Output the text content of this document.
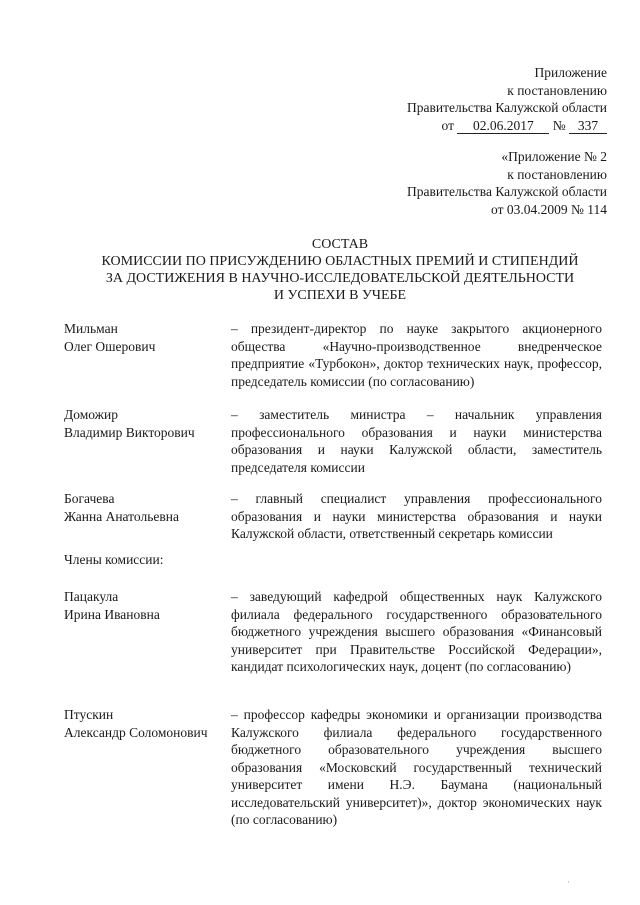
Приложение
к постановлению
Правительства Калужской области
от 02.06.2017 № 337
«Приложение № 2
к постановлению
Правительства Калужской области
от 03.04.2009 № 114
СОСТАВ
КОМИССИИ ПО ПРИСУЖДЕНИЮ ОБЛАСТНЫХ ПРЕМИЙ И СТИПЕНДИЙ
ЗА ДОСТИЖЕНИЯ В НАУЧНО-ИССЛЕДОВАТЕЛЬСКОЙ ДЕЯТЕЛЬНОСТИ
И УСПЕХИ В УЧЕБЕ
Мильман
Олег Ошерович
– президент-директор по науке закрытого акционерного общества «Научно-производственное внедренческое предприятие «Турбокон», доктор технических наук, профессор, председатель комиссии (по согласованию)
Доможир
Владимир Викторович
– заместитель министра – начальник управления профессионального образования и науки министерства образования и науки Калужской области, заместитель председателя комиссии
Богачева
Жанна Анатольевна
– главный специалист управления профессионального образования и науки министерства образования и науки Калужской области, ответственный секретарь комиссии
Члены комиссии:
Пацакула
Ирина Ивановна
– заведующий кафедрой общественных наук Калужского филиала федерального государственного образовательного бюджетного учреждения высшего образования «Финансовый университет при Правительстве Российской Федерации», кандидат психологических наук, доцент (по согласованию)
Птускин
Александр Соломонович
– профессор кафедры экономики и организации производства Калужского филиала федерального государственного бюджетного образовательного учреждения высшего образования «Московский государственный технический университет имени Н.Э. Баумана (национальный исследовательский университет)», доктор экономических наук (по согласованию)
·
